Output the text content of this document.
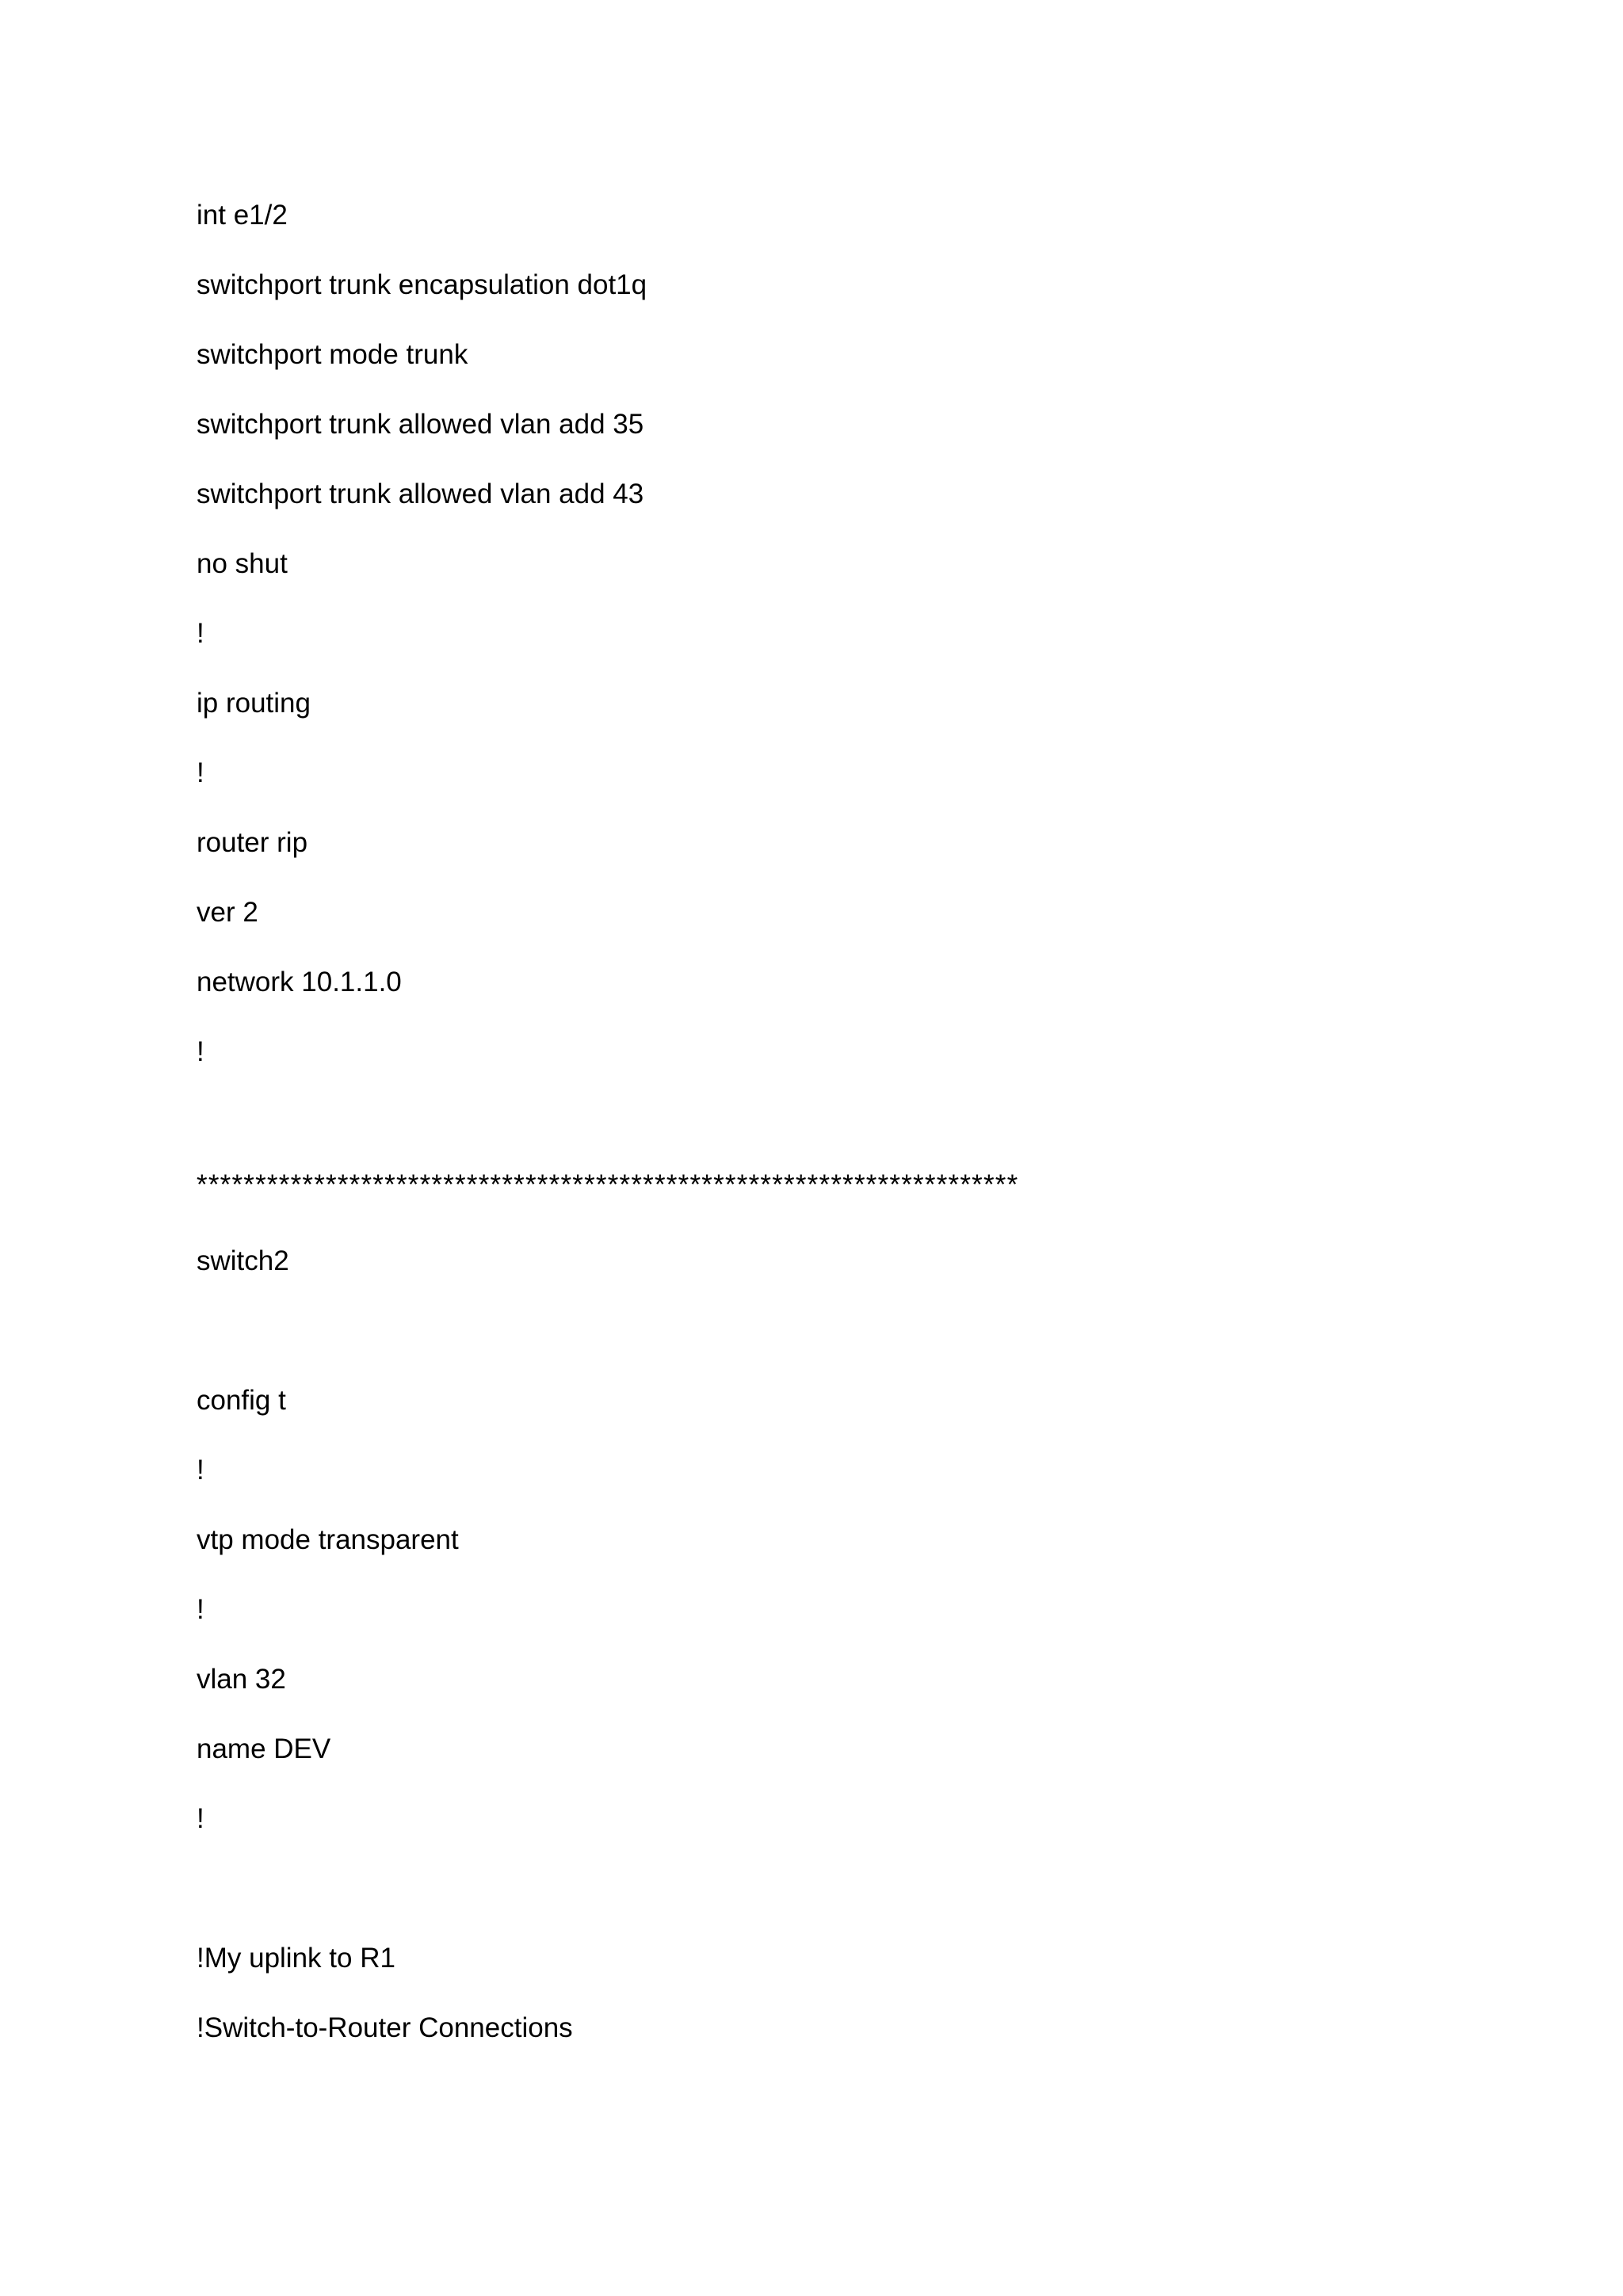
int e1/2
switchport trunk encapsulation dot1q
switchport mode trunk
switchport trunk allowed vlan add 35
switchport trunk allowed vlan add 43
no shut
!
ip routing
!
router rip
ver 2
network 10.1.1.0
!
**********************************************************************
switch2
config t
!
vtp mode transparent
!
vlan 32
name DEV
!
!My uplink to R1
!Switch-to-Router Connections
